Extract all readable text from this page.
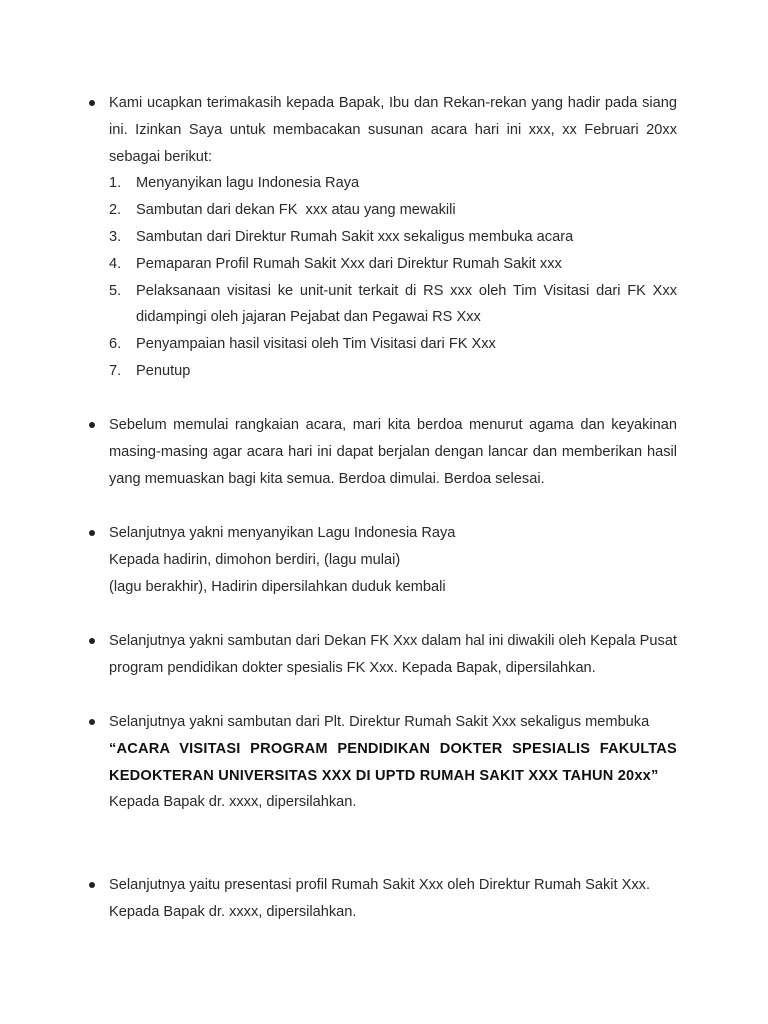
Kami ucapkan terimakasih kepada Bapak, Ibu dan Rekan-rekan yang hadir pada siang ini. Izinkan Saya untuk membacakan susunan acara hari ini xxx, xx Februari 20xx sebagai berikut:
1. Menyanyikan lagu Indonesia Raya
2. Sambutan dari dekan FK  xxx atau yang mewakili
3. Sambutan dari Direktur Rumah Sakit xxx sekaligus membuka acara
4. Pemaparan Profil Rumah Sakit Xxx dari Direktur Rumah Sakit xxx
5. Pelaksanaan visitasi ke unit-unit terkait di RS xxx oleh Tim Visitasi dari FK Xxx didampingi oleh jajaran Pejabat dan Pegawai RS Xxx
6. Penyampaian hasil visitasi oleh Tim Visitasi dari FK Xxx
7. Penutup
Sebelum memulai rangkaian acara, mari kita berdoa menurut agama dan keyakinan masing-masing agar acara hari ini dapat berjalan dengan lancar dan memberikan hasil yang memuaskan bagi kita semua. Berdoa dimulai. Berdoa selesai.
Selanjutnya yakni menyanyikan Lagu Indonesia Raya
Kepada hadirin, dimohon berdiri, (lagu mulai)
(lagu berakhir), Hadirin dipersilahkan duduk kembali
Selanjutnya yakni sambutan dari Dekan FK Xxx dalam hal ini diwakili oleh Kepala Pusat program pendidikan dokter spesialis FK Xxx. Kepada Bapak, dipersilahkan.
Selanjutnya yakni sambutan dari Plt. Direktur Rumah Sakit Xxx sekaligus membuka
“ACARA VISITASI PROGRAM PENDIDIKAN DOKTER SPESIALIS FAKULTAS KEDOKTERAN UNIVERSITAS XXX DI UPTD RUMAH SAKIT XXX TAHUN 20xx”
Kepada Bapak dr. xxxx, dipersilahkan.
Selanjutnya yaitu presentasi profil Rumah Sakit Xxx oleh Direktur Rumah Sakit Xxx.
Kepada Bapak dr. xxxx, dipersilahkan.
